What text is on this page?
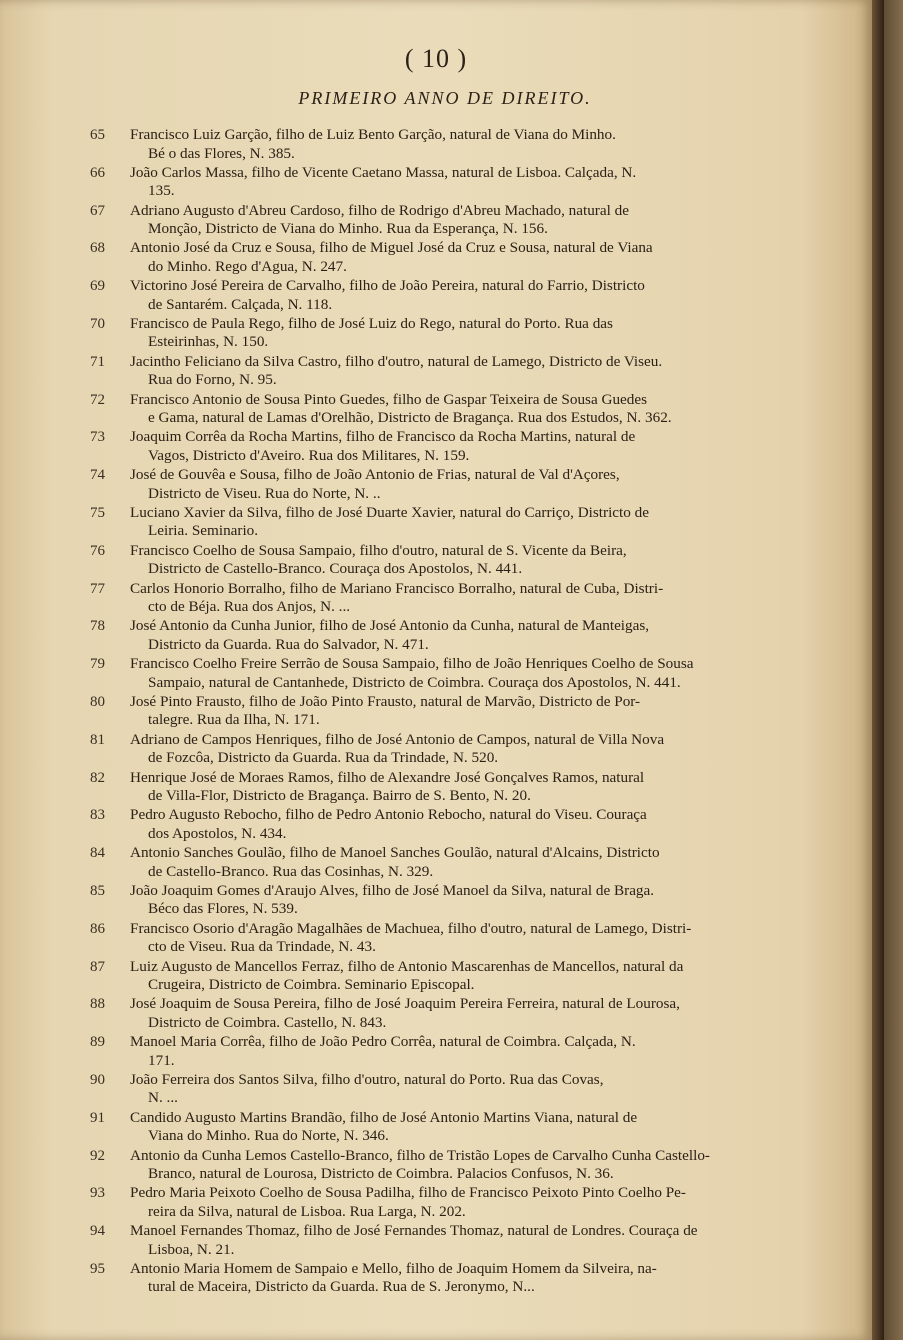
( 10 )
PRIMEIRO ANNO DE DIREITO.
65	Francisco Luiz Garção, filho de Luiz Bento Garção, natural de Viana do Minho.
Bé o das Flores, N. 385.
66	João Carlos Massa, filho de Vicente Caetano Massa, natural de Lisboa. Calçada, N.
135.
67	Adriano Augusto d'Abreu Cardoso, filho de Rodrigo d'Abreu Machado, natural de
Monção, Districto de Viana do Minho. Rua da Esperança, N. 156.
68	Antonio José da Cruz e Sousa, filho de Miguel José da Cruz e Sousa, natural de Viana
do Minho. Rego d'Agua, N. 247.
69	Victorino José Pereira de Carvalho, filho de João Pereira, natural do Farrio, Districto
de Santarém. Calçada, N. 118.
70	Francisco de Paula Rego, filho de José Luiz do Rego, natural do Porto. Rua das
Esteirinhas, N. 150.
71	Jacintho Feliciano da Silva Castro, filho d'outro, natural de Lamego, Districto de Viseu.
Rua do Forno, N. 95.
72	Francisco Antonio de Sousa Pinto Guedes, filho de Gaspar Teixeira de Sousa Guedes
e Gama, natural de Lamas d'Orelhão, Districto de Bragança. Rua dos Estudos, N. 362.
73	Joaquim Corrêa da Rocha Martins, filho de Francisco da Rocha Martins, natural de
Vagos, Districto d'Aveiro. Rua dos Militares, N. 159.
74	José de Gouvêa e Sousa, filho de João Antonio de Frias, natural de Val d'Açores,
Districto de Viseu. Rua do Norte, N. ..
75	Luciano Xavier da Silva, filho de José Duarte Xavier, natural do Carriço, Districto de
Leiria. Seminario.
76	Francisco Coelho de Sousa Sampaio, filho d'outro, natural de S. Vicente da Beira,
Districto de Castello-Branco. Couraça dos Apostolos, N. 441.
77	Carlos Honorio Borralho, filho de Mariano Francisco Borralho, natural de Cuba, Distri-
cto de Béja. Rua dos Anjos, N. ...
78	José Antonio da Cunha Junior, filho de José Antonio da Cunha, natural de Manteigas,
Districto da Guarda. Rua do Salvador, N. 471.
79	Francisco Coelho Freire Serrão de Sousa Sampaio, filho de João Henriques Coelho de Sousa
Sampaio, natural de Cantanhede, Districto de Coimbra. Couraça dos Apostolos, N. 441.
80	José Pinto Frausto, filho de João Pinto Frausto, natural de Marvão, Districto de Por-
talegre. Rua da Ilha, N. 171.
81	Adriano de Campos Henriques, filho de José Antonio de Campos, natural de Villa Nova
de Fozcôa, Districto da Guarda. Rua da Trindade, N. 520.
82	Henrique José de Moraes Ramos, filho de Alexandre José Gonçalves Ramos, natural
de Villa-Flor, Districto de Bragança. Bairro de S. Bento, N. 20.
83	Pedro Augusto Rebocho, filho de Pedro Antonio Rebocho, natural do Viseu. Couraça
dos Apostolos, N. 434.
84	Antonio Sanches Goulão, filho de Manoel Sanches Goulão, natural d'Alcains, Districto
de Castello-Branco. Rua das Cosinhas, N. 329.
85	João Joaquim Gomes d'Araujo Alves, filho de José Manoel da Silva, natural de Braga.
Béco das Flores, N. 539.
86	Francisco Osorio d'Aragão Magalhães de Machuea, filho d'outro, natural de Lamego, Distri-
cto de Viseu. Rua da Trindade, N. 43.
87	Luiz Augusto de Mancellos Ferraz, filho de Antonio Mascarenhas de Mancellos, natural da
Crugeira, Districto de Coimbra. Seminario Episcopal.
88	José Joaquim de Sousa Pereira, filho de José Joaquim Pereira Ferreira, natural de Lourosa,
Districto de Coimbra. Castello, N. 843.
89	Manoel Maria Corrêa, filho de João Pedro Corrêa, natural de Coimbra. Calçada, N.
171.
90	João Ferreira dos Santos Silva, filho d'outro, natural do Porto. Rua das Covas,
N. ...
91	Candido Augusto Martins Brandão, filho de José Antonio Martins Viana, natural de
Viana do Minho. Rua do Norte, N. 346.
92	Antonio da Cunha Lemos Castello-Branco, filho de Tristão Lopes de Carvalho Cunha Castello-
Branco, natural de Lourosa, Districto de Coimbra. Palacios Confusos, N. 36.
93	Pedro Maria Peixoto Coelho de Sousa Padilha, filho de Francisco Peixoto Pinto Coelho Pe-
reira da Silva, natural de Lisboa. Rua Larga, N. 202.
94	Manoel Fernandes Thomaz, filho de José Fernandes Thomaz, natural de Londres. Couraça de
Lisboa, N. 21.
95	Antonio Maria Homem de Sampaio e Mello, filho de Joaquim Homem da Silveira, na-
tural de Maceira, Districto da Guarda. Rua de S. Jeronymo, N...
